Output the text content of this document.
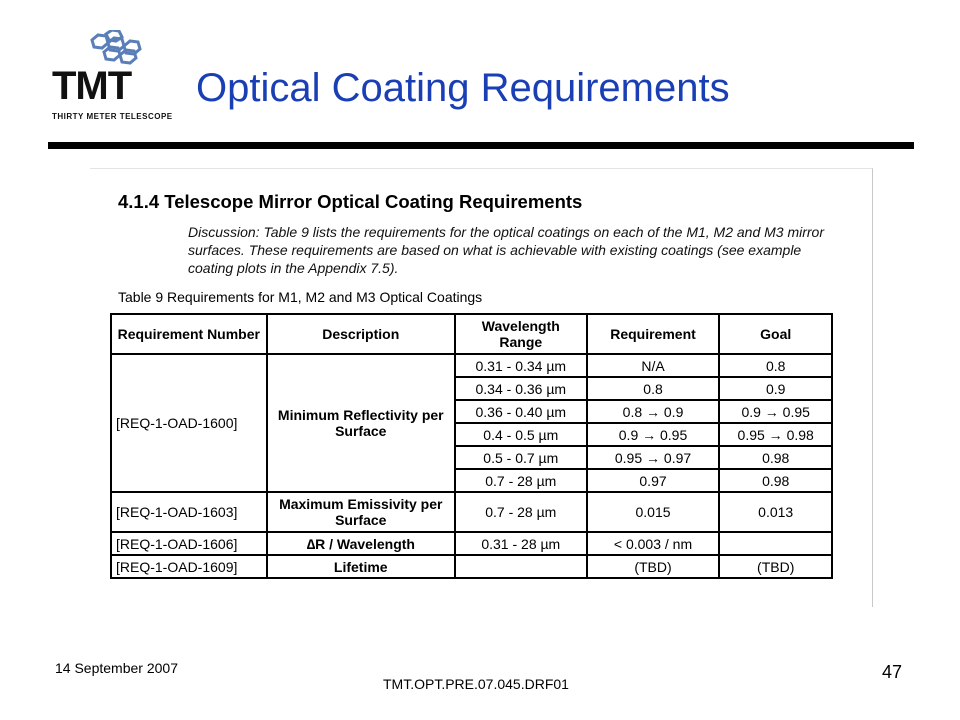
TMT
THIRTY METER TELESCOPE
Optical Coating Requirements
4.1.4 Telescope Mirror Optical Coating Requirements
Discussion: Table 9 lists the requirements for the optical coatings on each of the M1, M2 and M3 mirror surfaces. These requirements are based on what is achievable with existing coatings (see example coating plots in the Appendix 7.5).
Table 9 Requirements for M1, M2 and M3 Optical Coatings
Requirement Number	Description	Wavelength Range	Requirement	Goal
[REQ-1-OAD-1600]	Minimum Reflectivity per Surface	0.31 - 0.34 µm	N/A	0.8
		0.34 - 0.36 µm	0.8	0.9
		0.36 - 0.40 µm	0.8 → 0.9	0.9 → 0.95
		0.4 - 0.5 µm	0.9 → 0.95	0.95 → 0.98
		0.5 - 0.7 µm	0.95 → 0.97	0.98
		0.7 - 28 µm	0.97	0.98
[REQ-1-OAD-1603]	Maximum Emissivity per Surface	0.7 - 28 µm	0.015	0.013
[REQ-1-OAD-1606]	∆R / Wavelength	0.31 - 28 µm	< 0.003 / nm	
[REQ-1-OAD-1609]	Lifetime		(TBD)	(TBD)
14 September 2007
TMT.OPT.PRE.07.045.DRF01
47
